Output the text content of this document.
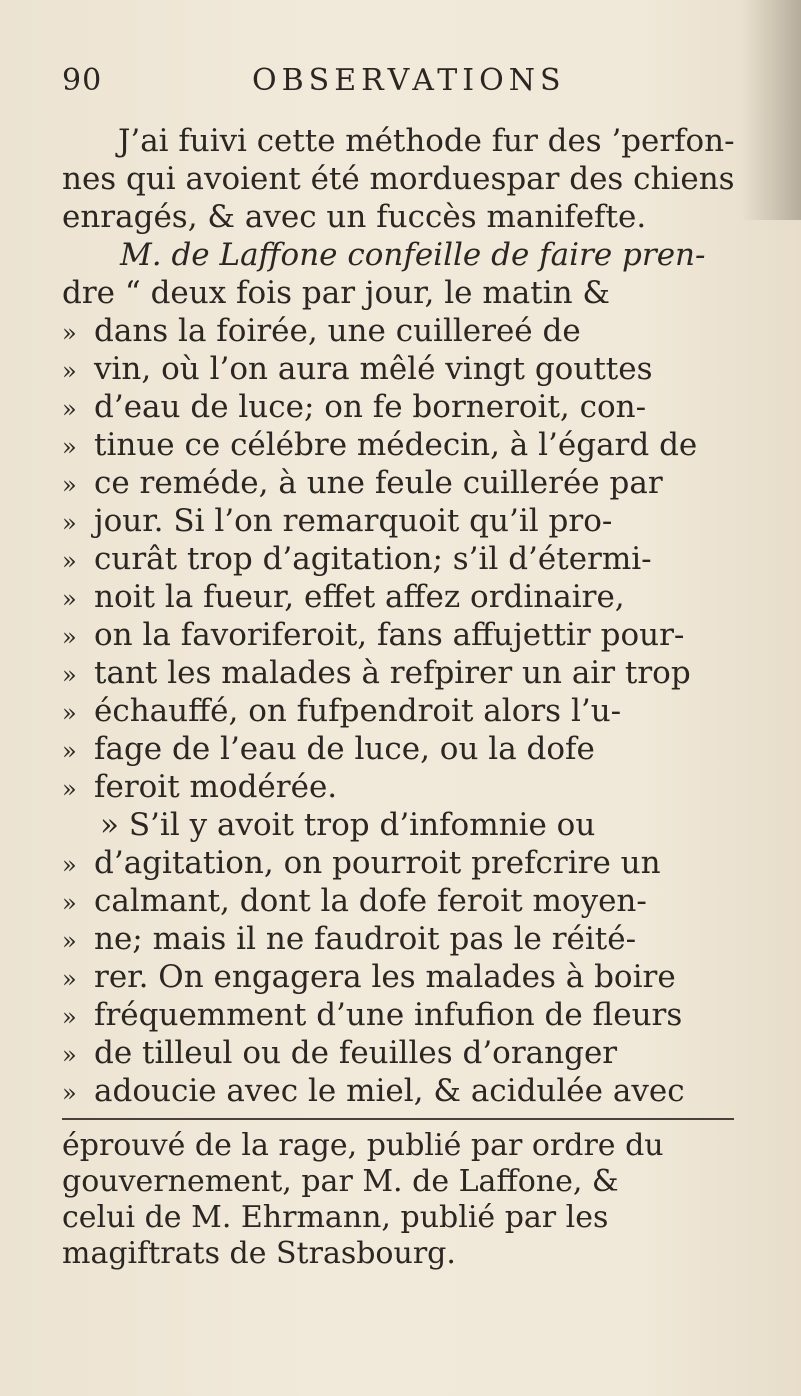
90	OBSERVATIONS
J’ai fuivi cette méthode fur des ’perfon-
nes qui avoient été morduespar des chiens
enragés, & avec un fuccès manifefte.
M. de Laffone confeille de faire pren-
dre “ deux fois par jour, le matin &
» dans la foirée, une cuillereé de
» vin, où l’on aura mêlé vingt gouttes
» d’eau de luce; on fe borneroit, con-
» tinue ce célébre médecin, à l’égard de
» ce reméde, à une feule cuillerée par
» jour. Si l’on remarquoit qu’il pro-
» curât trop d’agitation; s’il d’étermi-
» noit la fueur, effet affez ordinaire,
» on la favoriferoit, fans affujettir pour-
» tant les malades à refpirer un air trop
» échauffé, on fufpendroit alors l’u-
» fage de l’eau de luce, ou la dofe
» feroit modérée.
» S’il y avoit trop d’infomnie ou
» d’agitation, on pourroit prefcrire un
» calmant, dont la dofe feroit moyen-
» ne; mais il ne faudroit pas le réité-
» rer. On engagera les malades à boire
» fréquemment d’une infufion de fleurs
» de tilleul ou de feuilles d’oranger
» adoucie avec le miel, & acidulée avec
éprouvé de la rage, publié par ordre du
gouvernement, par M. de Laffone, &
celui de M. Ehrmann, publié par les
magiftrats de Strasbourg.
